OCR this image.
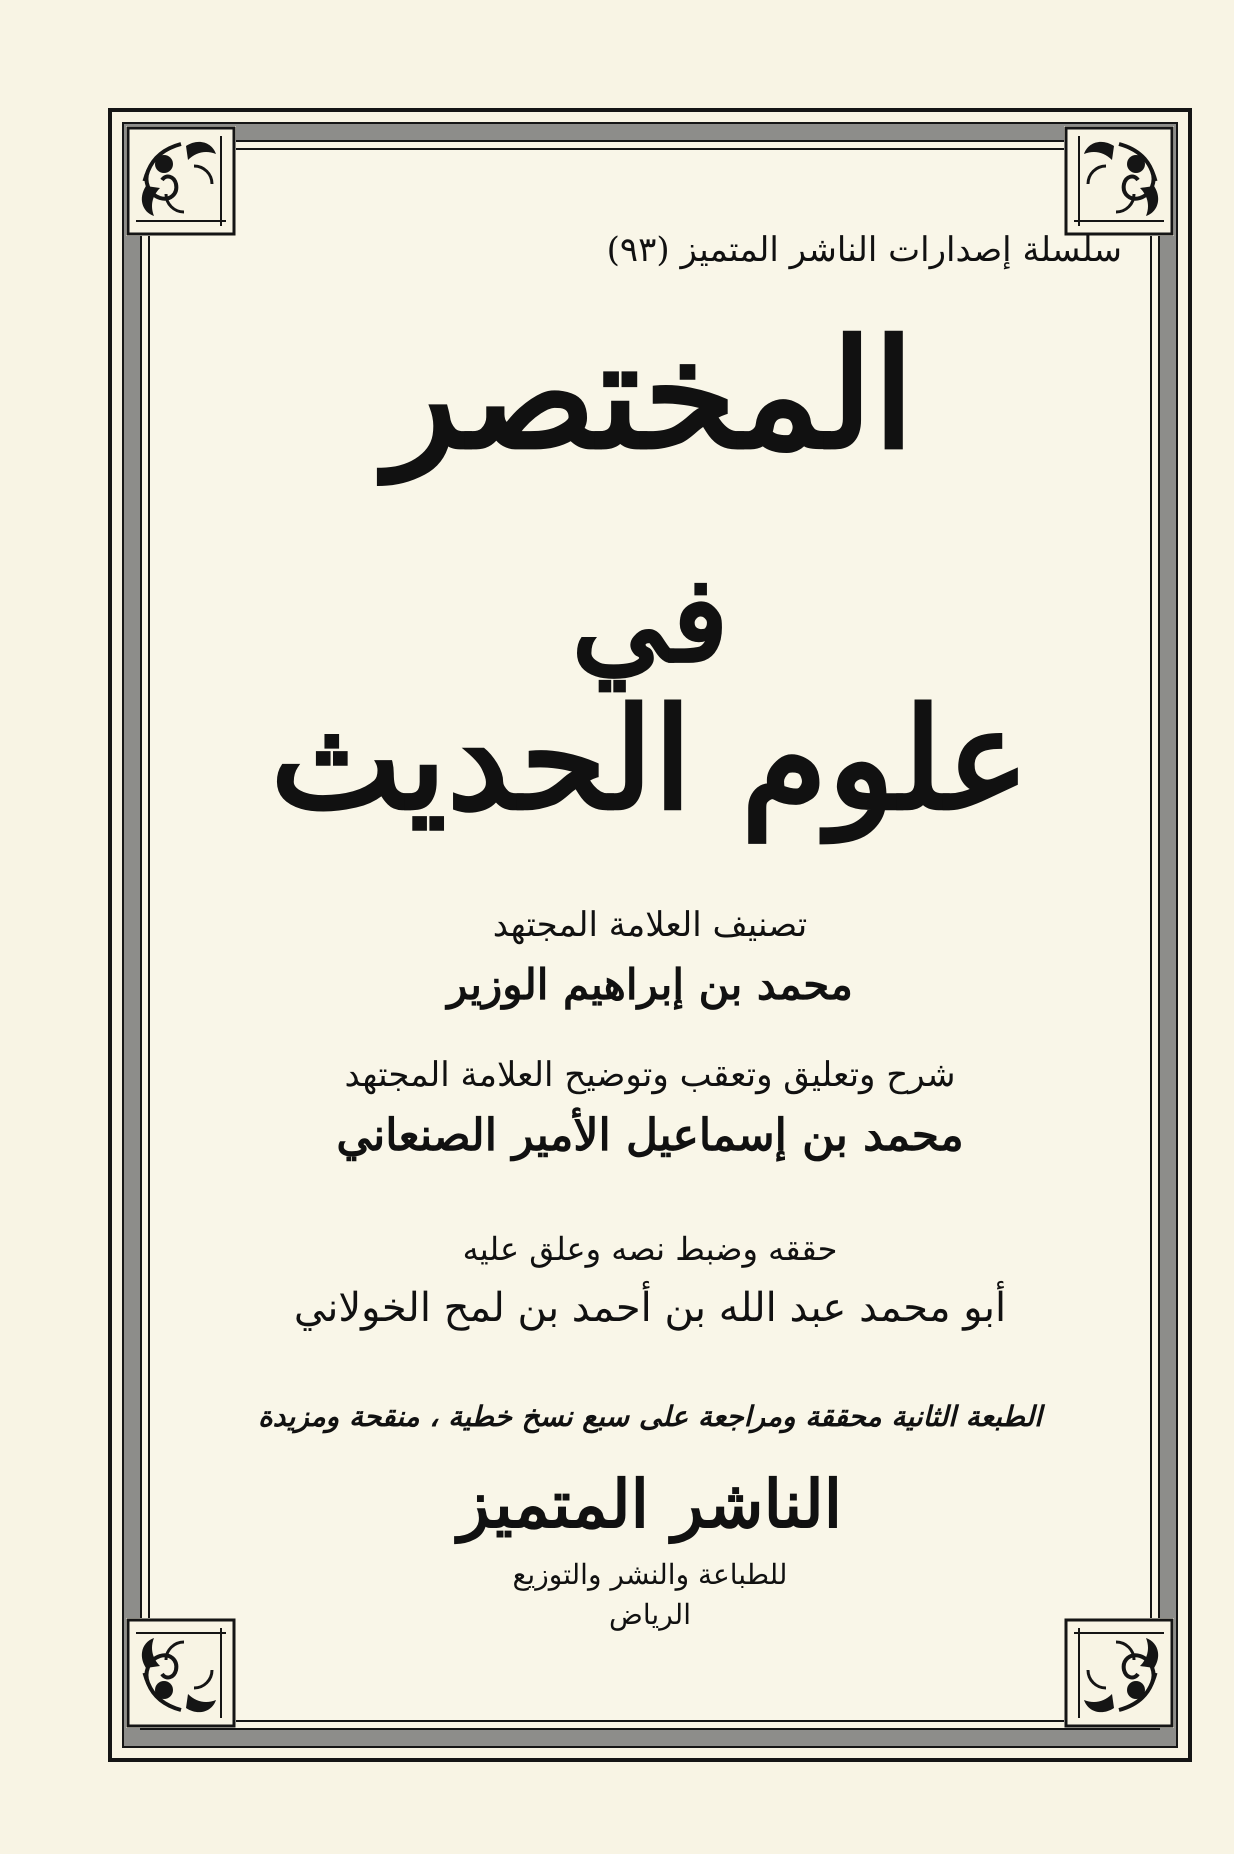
سلسلة إصدارات الناشر المتميز (٩٣)
المختصر
في
علوم الحديث
تصنيف العلامة المجتهد
محمد بن إبراهيم الوزير
شرح وتعليق وتعقب وتوضيح العلامة المجتهد
محمد بن إسماعيل الأمير الصنعاني
حققه وضبط نصه وعلق عليه
أبو محمد عبد الله بن أحمد بن لمح الخولاني
الطبعة الثانية محققة ومراجعة على سبع نسخ خطية ، منقحة ومزيدة
الناشر المتميز
للطباعة والنشر والتوزيع
الرياض
